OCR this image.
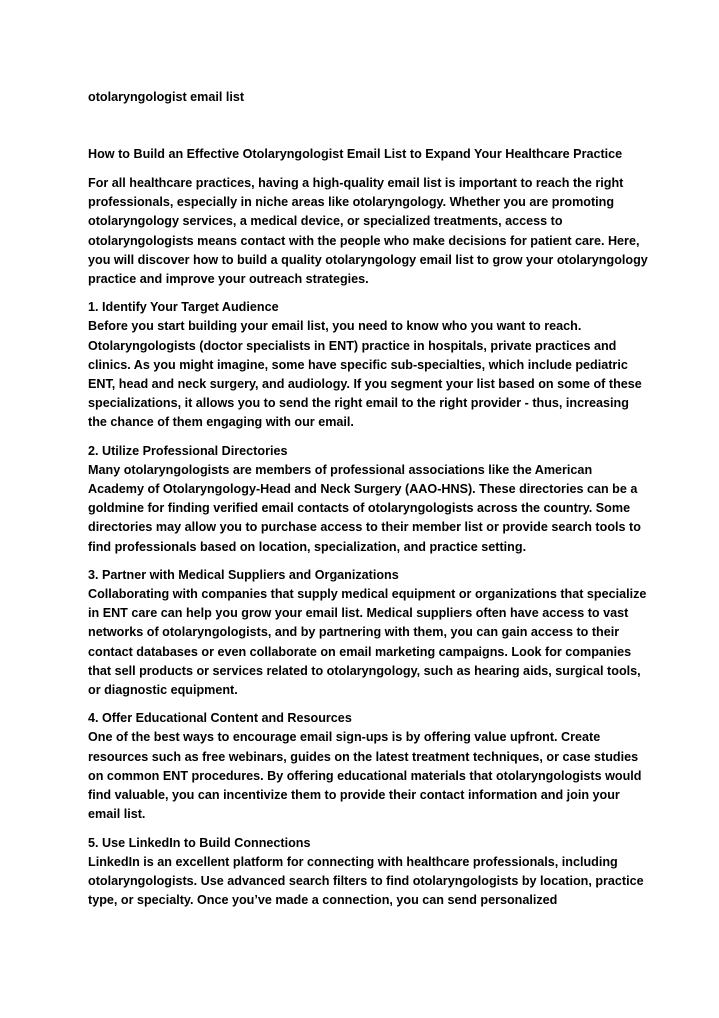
otolaryngologist email list

How to Build an Effective Otolaryngologist Email List to Expand Your Healthcare Practice

For all healthcare practices, having a high-quality email list is important to reach the right professionals, especially in niche areas like otolaryngology. Whether you are promoting otolaryngology services, a medical device, or specialized treatments, access to otolaryngologists means contact with the people who make decisions for patient care. Here, you will discover how to build a quality otolaryngology email list to grow your otolaryngology practice and improve your outreach strategies.

1. Identify Your Target Audience

Before you start building your email list, you need to know who you want to reach. Otolaryngologists (doctor specialists in ENT) practice in hospitals, private practices and clinics. As you might imagine, some have specific sub-specialties, which include pediatric ENT, head and neck surgery, and audiology. If you segment your list based on some of these specializations, it allows you to send the right email to the right provider - thus, increasing the chance of them engaging with our email.

2. Utilize Professional Directories

Many otolaryngologists are members of professional associations like the American Academy of Otolaryngology-Head and Neck Surgery (AAO-HNS). These directories can be a goldmine for finding verified email contacts of otolaryngologists across the country. Some directories may allow you to purchase access to their member list or provide search tools to find professionals based on location, specialization, and practice setting.

3. Partner with Medical Suppliers and Organizations

Collaborating with companies that supply medical equipment or organizations that specialize in ENT care can help you grow your email list. Medical suppliers often have access to vast networks of otolaryngologists, and by partnering with them, you can gain access to their contact databases or even collaborate on email marketing campaigns. Look for companies that sell products or services related to otolaryngology, such as hearing aids, surgical tools, or diagnostic equipment.

4. Offer Educational Content and Resources

One of the best ways to encourage email sign-ups is by offering value upfront. Create resources such as free webinars, guides on the latest treatment techniques, or case studies on common ENT procedures. By offering educational materials that otolaryngologists would find valuable, you can incentivize them to provide their contact information and join your email list.

5. Use LinkedIn to Build Connections

LinkedIn is an excellent platform for connecting with healthcare professionals, including otolaryngologists. Use advanced search filters to find otolaryngologists by location, practice type, or specialty. Once you’ve made a connection, you can send personalized
